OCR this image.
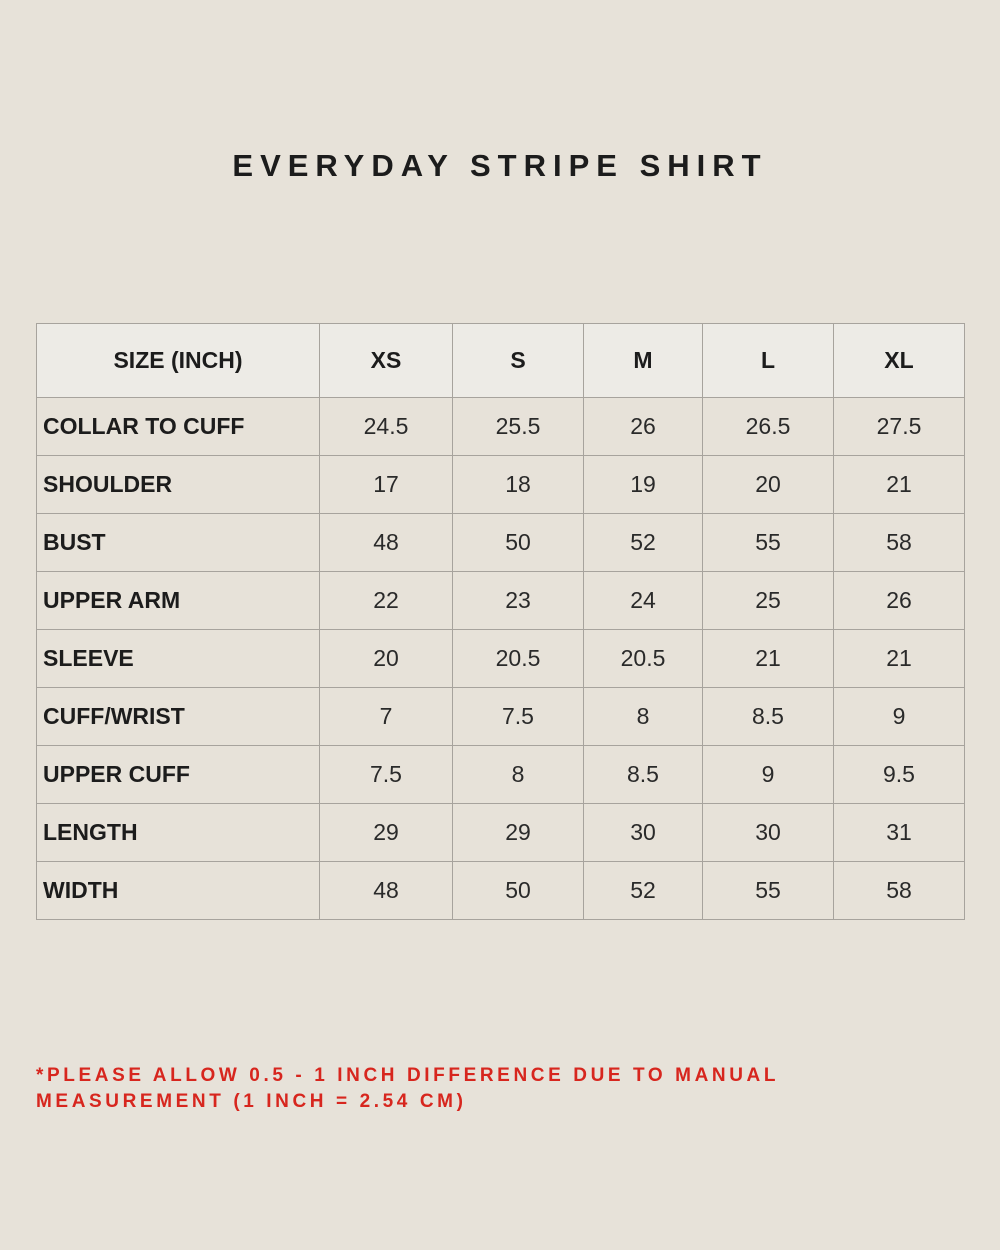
EVERYDAY STRIPE SHIRT
SIZE (INCH)	XS	S	M	L	XL
COLLAR TO CUFF	24.5	25.5	26	26.5	27.5
SHOULDER	17	18	19	20	21
BUST	48	50	52	55	58
UPPER ARM	22	23	24	25	26
SLEEVE	20	20.5	20.5	21	21
CUFF/WRIST	7	7.5	8	8.5	9
UPPER CUFF	7.5	8	8.5	9	9.5
LENGTH	29	29	30	30	31
WIDTH	48	50	52	55	58
*PLEASE ALLOW 0.5 - 1 INCH DIFFERENCE DUE TO MANUAL
MEASUREMENT (1 INCH = 2.54 CM)
